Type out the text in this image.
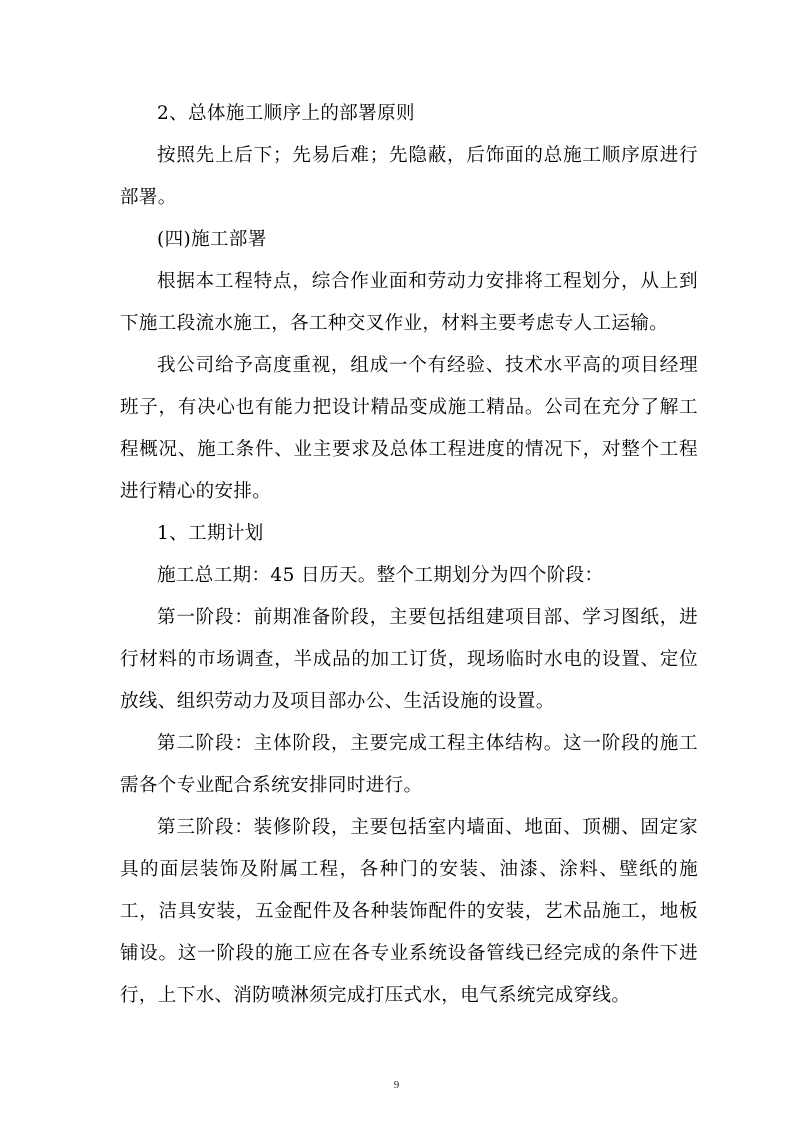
2、总体施工顺序上的部署原则

按照先上后下；先易后难；先隐蔽，后饰面的总施工顺序原进行部署。

(四)施工部署

根据本工程特点，综合作业面和劳动力安排将工程划分，从上到下施工段流水施工，各工种交叉作业，材料主要考虑专人工运输。

我公司给予高度重视，组成一个有经验、技术水平高的项目经理班子，有决心也有能力把设计精品变成施工精品。公司在充分了解工程概况、施工条件、业主要求及总体工程进度的情况下，对整个工程进行精心的安排。

1、工期计划

施工总工期：45 日历天。整个工期划分为四个阶段：

第一阶段：前期准备阶段，主要包括组建项目部、学习图纸，进行材料的市场调查，半成品的加工订货，现场临时水电的设置、定位放线、组织劳动力及项目部办公、生活设施的设置。

第二阶段：主体阶段，主要完成工程主体结构。这一阶段的施工需各个专业配合系统安排同时进行。

第三阶段：装修阶段，主要包括室内墙面、地面、顶棚、固定家具的面层装饰及附属工程，各种门的安装、油漆、涂料、壁纸的施工，洁具安装，五金配件及各种装饰配件的安装，艺术品施工，地板铺设。这一阶段的施工应在各专业系统设备管线已经完成的条件下进行，上下水、消防喷淋须完成打压式水，电气系统完成穿线。

9
